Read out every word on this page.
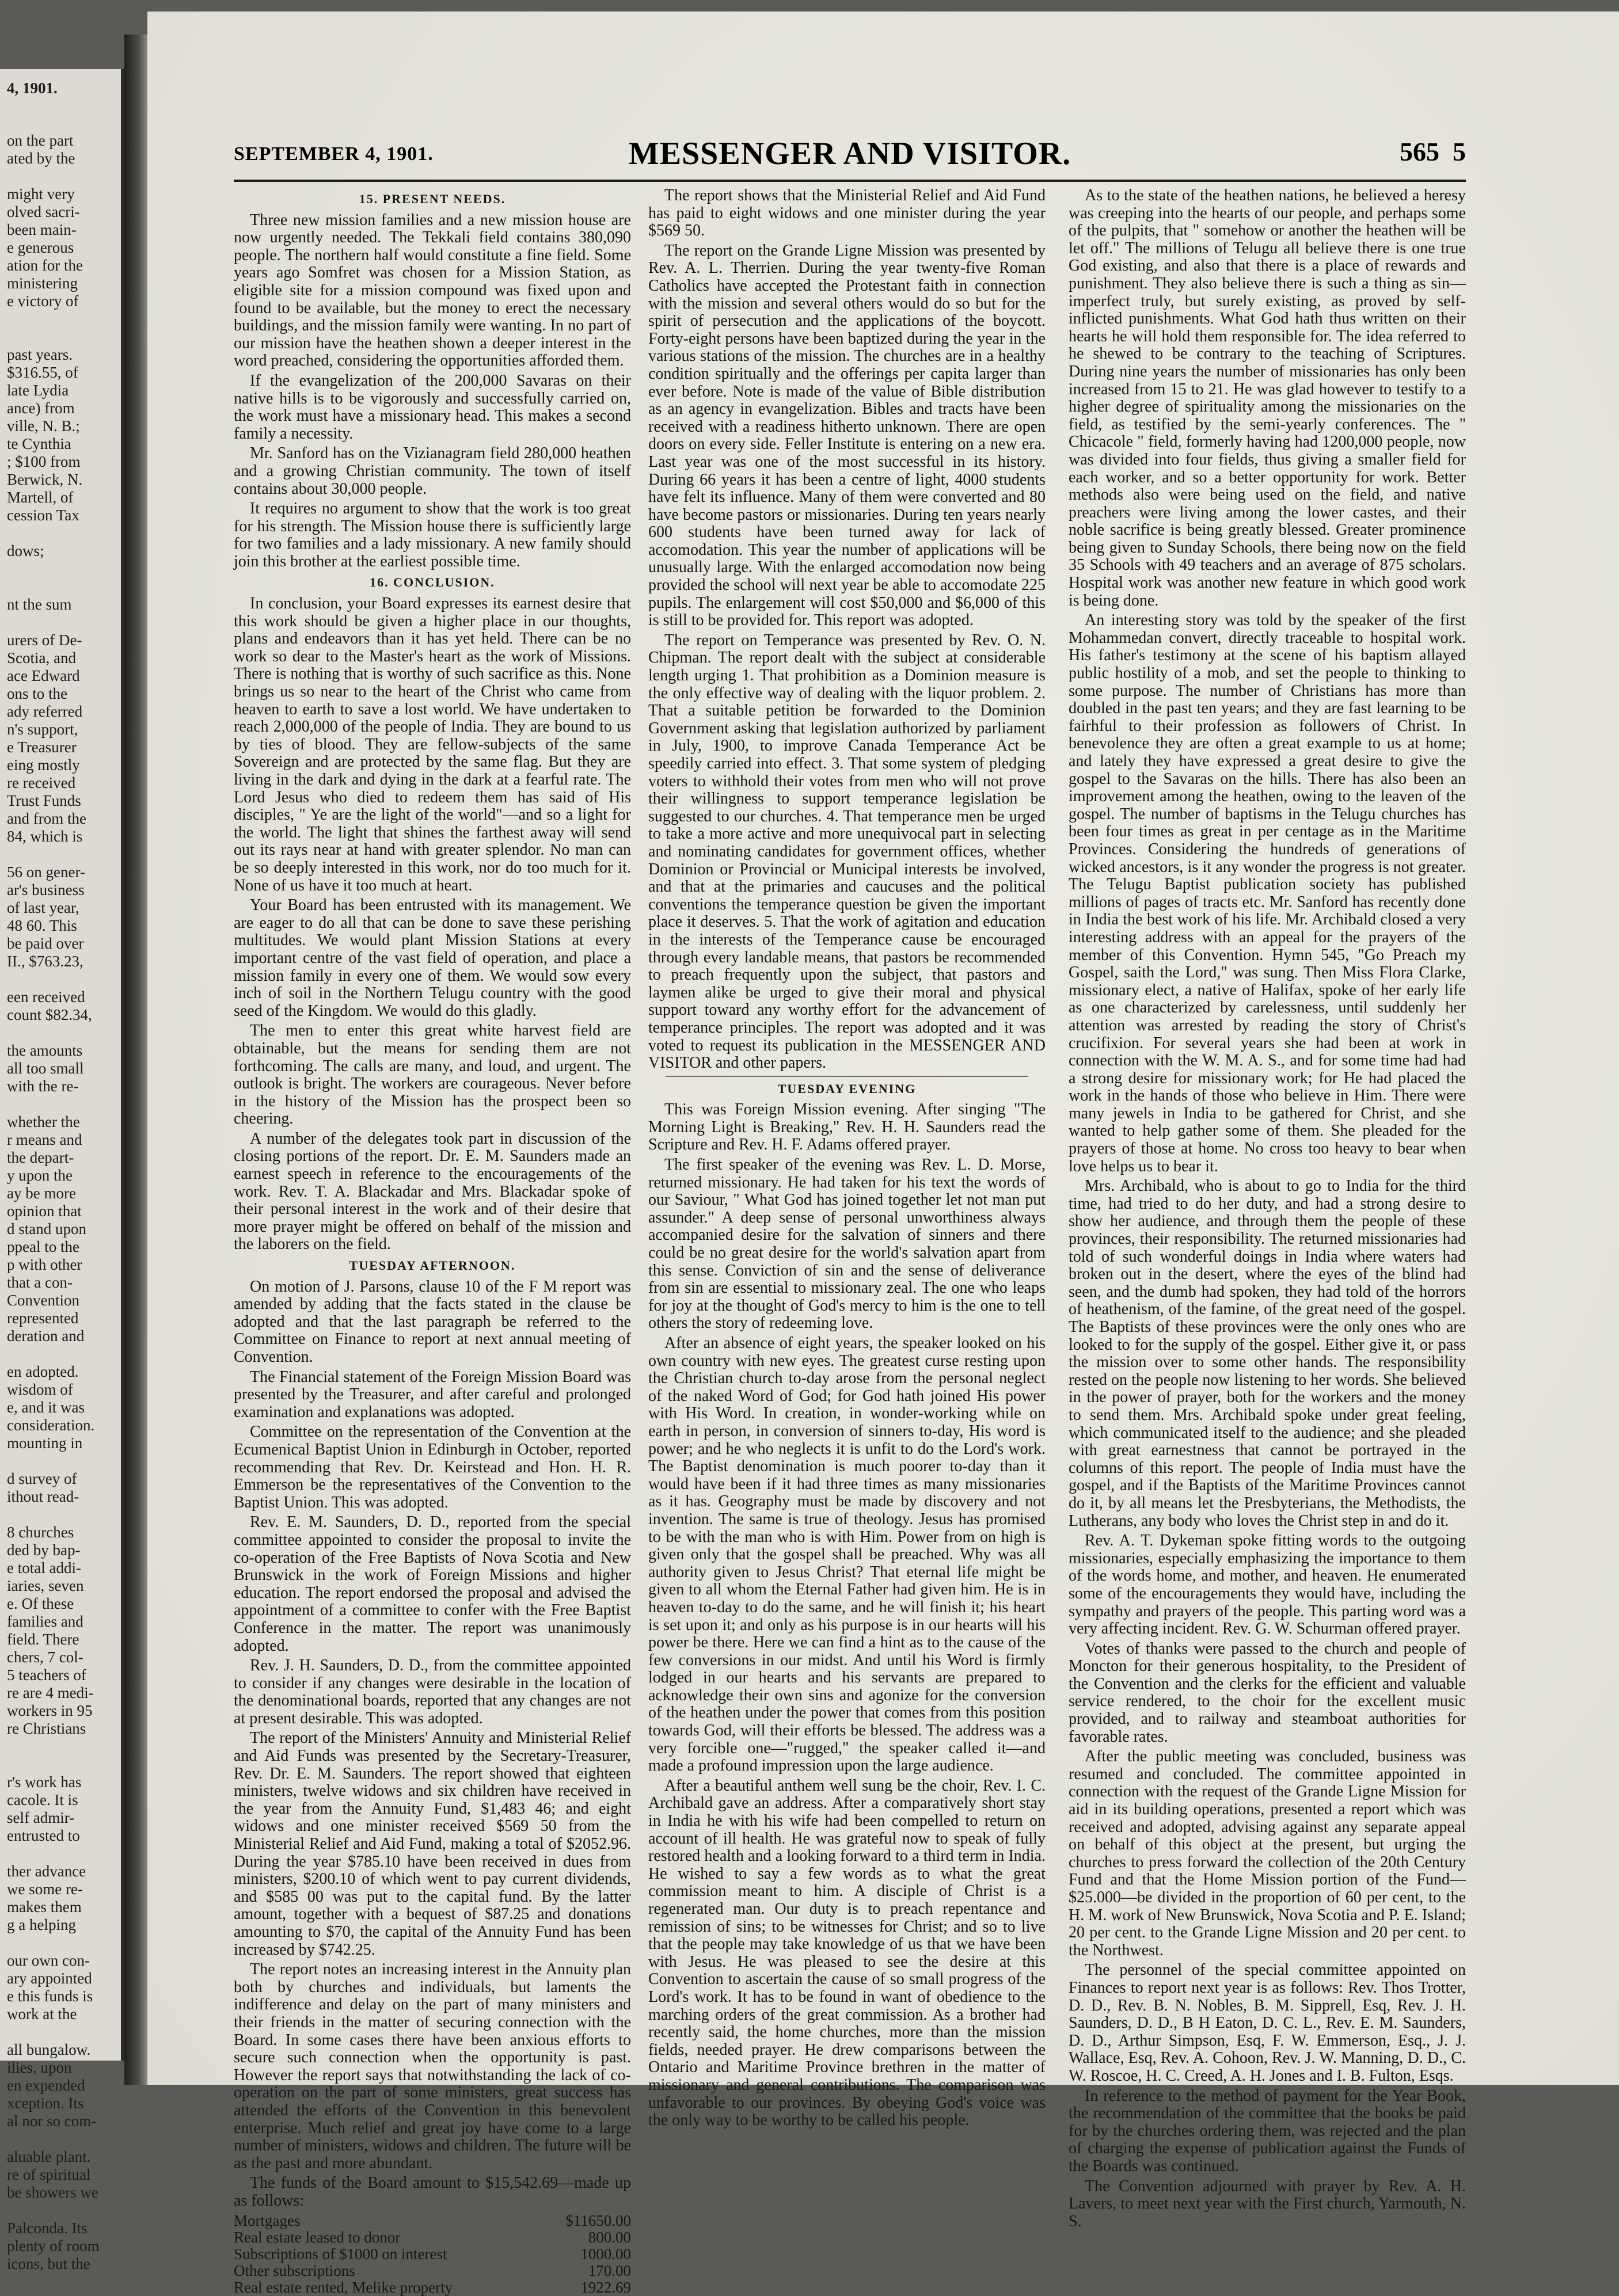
4, 1901.
on the part
ated by the

might very
olved sacri-
been main-
e generous
ation for the
ministering
e victory of

past years.
$316.55, of
late Lydia
ance) from
ville, N. B.;
te Cynthia
; $100 from
Berwick, N.
Martell, of
cession Tax

dows;

nt the sum

urers of De-
Scotia, and
ace Edward
ons to the
ady referred
n's support,
e Treasurer
eing mostly
re received
Trust Funds
and from the
84, which is

56 on gener-
ar's business
of last year,
48 60. This
be paid over
II., $763.23,

een received
count $82.34,

the amounts
all too small
with the re-

whether the
r means and
the depart-
y upon the
ay be more
opinion that
d stand upon
ppeal to the
p with other
that a con-
Convention
represented
deration and

en adopted.
wisdom of
e, and it was
consideration.
mounting in

d survey of
ithout read-

8 churches
ded by bap-
e total addi-
iaries, seven
e. Of these
families and
field. There
chers, 7 col-
5 teachers of
re are 4 medi-
workers in 95
re Christians

r's work has
cacole. It is
self admir-
entrusted to

ther advance
we some re-
makes them
g a helping

our own con-
ary appointed
e this funds is
work at the

all bungalow.
ilies, upon
en expended
xception. Its
al nor so com-

aluable plant.
re of spiritual
be showers we

Palconda. Its
plenty of room
icons, but the
SEPTEMBER 4, 1901.	MESSENGER AND VISITOR.	565 5
15. PRESENT NEEDS.

Three new mission families and a new mission house are now urgently needed. The Tekkali field contains 380,090 people. The northern half would constitute a fine field. Some years ago Somfret was chosen for a Mission Station, as eligible site for a mission compound was fixed upon and found to be available, but the money to erect the necessary buildings, and the mission family were wanting. In no part of our mission have the heathen shown a deeper interest in the word preached, considering the opportunities afforded them.

If the evangelization of the 200,000 Savaras on their native hills is to be vigorously and successfully carried on, the work must have a missionary head. This makes a second family a necessity.

Mr. Sanford has on the Vizianagram field 280,000 heathen and a growing Christian community. The town of itself contains about 30,000 people.

It requires no argument to show that the work is too great for his strength. The Mission house there is sufficiently large for two families and a lady missionary. A new family should join this brother at the earliest possible time.

16. CONCLUSION.

In conclusion, your Board expresses its earnest desire that this work should be given a higher place in our thoughts, plans and endeavors than it has yet held. There can be no work so dear to the Master's heart as the work of Missions. There is nothing that is worthy of such sacrifice as this. None brings us so near to the heart of the Christ who came from heaven to earth to save a lost world. We have undertaken to reach 2,000,000 of the people of India. They are bound to us by ties of blood. They are fellow-subjects of the same Sovereign and are protected by the same flag. But they are living in the dark and dying in the dark at a fearful rate. The Lord Jesus who died to redeem them has said of His disciples, " Ye are the light of the world"—and so a light for the world. The light that shines the farthest away will send out its rays near at hand with greater splendor. No man can be so deeply interested in this work, nor do too much for it. None of us have it too much at heart.

Your Board has been entrusted with its management. We are eager to do all that can be done to save these perishing multitudes. We would plant Mission Stations at every important centre of the vast field of operation, and place a mission family in every one of them. We would sow every inch of soil in the Northern Telugu country with the good seed of the Kingdom. We would do this gladly.

The men to enter this great white harvest field are obtainable, but the means for sending them are not forthcoming. The calls are many, and loud, and urgent. The outlook is bright. The workers are courageous. Never before in the history of the Mission has the prospect been so cheering.

A number of the delegates took part in discussion of the closing portions of the report. Dr. E. M. Saunders made an earnest speech in reference to the encouragements of the work. Rev. T. A. Blackadar and Mrs. Blackadar spoke of their personal interest in the work and of their desire that more prayer might be offered on behalf of the mission and the laborers on the field.

TUESDAY AFTERNOON.

On motion of J. Parsons, clause 10 of the F M report was amended by adding that the facts stated in the clause be adopted and that the last paragraph be referred to the Committee on Finance to report at next annual meeting of Convention.

The Financial statement of the Foreign Mission Board was presented by the Treasurer, and after careful and prolonged examination and explanations was adopted.

Committee on the representation of the Convention at the Ecumenical Baptist Union in Edinburgh in October, reported recommending that Rev. Dr. Keirstead and Hon. H. R. Emmerson be the representatives of the Convention to the Baptist Union. This was adopted.

Rev. E. M. Saunders, D. D., reported from the special committee appointed to consider the proposal to invite the co-operation of the Free Baptists of Nova Scotia and New Brunswick in the work of Foreign Missions and higher education. The report endorsed the proposal and advised the appointment of a committee to confer with the Free Baptist Conference in the matter. The report was unanimously adopted.

Rev. J. H. Saunders, D. D., from the committee appointed to consider if any changes were desirable in the location of the denominational boards, reported that any changes are not at present desirable. This was adopted.

The report of the Ministers' Annuity and Ministerial Relief and Aid Funds was presented by the Secretary-Treasurer, Rev. Dr. E. M. Saunders. The report showed that eighteen ministers, twelve widows and six children have received in the year from the Annuity Fund, $1,483 46; and eight widows and one minister received $569 50 from the Ministerial Relief and Aid Fund, making a total of $2052.96. During the year $785.10 have been received in dues from ministers, $200.10 of which went to pay current dividends, and $585 00 was put to the capital fund. By the latter amount, together with a bequest of $87.25 and donations amounting to $70, the capital of the Annuity Fund has been increased by $742.25.

The report notes an increasing interest in the Annuity plan both by churches and individuals, but laments the indifference and delay on the part of many ministers and their friends in the matter of securing connection with the Board. In some cases there have been anxious efforts to secure such connection when the opportunity is past. However the report says that notwithstanding the lack of co-operation on the part of some ministers, great success has attended the efforts of the Convention in this benevolent enterprise. Much relief and great joy have come to a large number of ministers, widows and children. The future will be as the past and more abundant.

The funds of the Board amount to $15,542.69—made up as follows:

Mortgages	$11650.00
Real estate leased to donor	800.00
Subscriptions of $1000 on interest	1000.00
Other subscriptions	170.00
Real estate rented, Melike property	1922.69

The report shows that the Ministerial Relief and Aid Fund has paid to eight widows and one minister during the year $569 50.

The report on the Grande Ligne Mission was presented by Rev. A. L. Therrien. During the year twenty-five Roman Catholics have accepted the Protestant faith in connection with the mission and several others would do so but for the spirit of persecution and the applications of the boycott. Forty-eight persons have been baptized during the year in the various stations of the mission. The churches are in a healthy condition spiritually and the offerings per capita larger than ever before. Note is made of the value of Bible distribution as an agency in evangelization. Bibles and tracts have been received with a readiness hitherto unknown. There are open doors on every side. Feller Institute is entering on a new era. Last year was one of the most successful in its history. During 66 years it has been a centre of light, 4000 students have felt its influence. Many of them were converted and 80 have become pastors or missionaries. During ten years nearly 600 students have been turned away for lack of accomodation. This year the number of applications will be unusually large. With the enlarged accomodation now being provided the school will next year be able to accomodate 225 pupils. The enlargement will cost $50,000 and $6,000 of this is still to be provided for. This report was adopted.

The report on Temperance was presented by Rev. O. N. Chipman. The report dealt with the subject at considerable length urging 1. That prohibition as a Dominion measure is the only effective way of dealing with the liquor problem. 2. That a suitable petition be forwarded to the Dominion Government asking that legislation authorized by parliament in July, 1900, to improve Canada Temperance Act be speedily carried into effect. 3. That some system of pledging voters to withhold their votes from men who will not prove their willingness to support temperance legislation be suggested to our churches. 4. That temperance men be urged to take a more active and more unequivocal part in selecting and nominating candidates for government offices, whether Dominion or Provincial or Municipal interests be involved, and that at the primaries and caucuses and the political conventions the temperance question be given the important place it deserves. 5. That the work of agitation and education in the interests of the Temperance cause be encouraged through every landable means, that pastors be recommended to preach frequently upon the subject, that pastors and laymen alike be urged to give their moral and physical support toward any worthy effort for the advancement of temperance principles. The report was adopted and it was voted to request its publication in the MESSENGER AND VISITOR and other papers.

TUESDAY EVENING

This was Foreign Mission evening. After singing "The Morning Light is Breaking," Rev. H. H. Saunders read the Scripture and Rev. H. F. Adams offered prayer.

The first speaker of the evening was Rev. L. D. Morse, returned missionary. He had taken for his text the words of our Saviour, " What God has joined together let not man put assunder." A deep sense of personal unworthiness always accompanied desire for the salvation of sinners and there could be no great desire for the world's salvation apart from this sense. Conviction of sin and the sense of deliverance from sin are essential to missionary zeal. The one who leaps for joy at the thought of God's mercy to him is the one to tell others the story of redeeming love.

After an absence of eight years, the speaker looked on his own country with new eyes. The greatest curse resting upon the Christian church to-day arose from the personal neglect of the naked Word of God; for God hath joined His power with His Word. In creation, in wonder-working while on earth in person, in conversion of sinners to-day, His word is power; and he who neglects it is unfit to do the Lord's work. The Baptist denomination is much poorer to-day than it would have been if it had three times as many missionaries as it has. Geography must be made by discovery and not invention. The same is true of theology. Jesus has promised to be with the man who is with Him. Power from on high is given only that the gospel shall be preached. Why was all authority given to Jesus Christ? That eternal life might be given to all whom the Eternal Father had given him. He is in heaven to-day to do the same, and he will finish it; his heart is set upon it; and only as his purpose is in our hearts will his power be there. Here we can find a hint as to the cause of the few conversions in our midst. And until his Word is firmly lodged in our hearts and his servants are prepared to acknowledge their own sins and agonize for the conversion of the heathen under the power that comes from this position towards God, will their efforts be blessed. The address was a very forcible one—"rugged," the speaker called it—and made a profound impression upon the large audience.

After a beautiful anthem well sung be the choir, Rev. I. C. Archibald gave an address. After a comparatively short stay in India he with his wife had been compelled to return on account of ill health. He was grateful now to speak of fully restored health and a looking forward to a third term in India. He wished to say a few words as to what the great commission meant to him. A disciple of Christ is a regenerated man. Our duty is to preach repentance and remission of sins; to be witnesses for Christ; and so to live that the people may take knowledge of us that we have been with Jesus. He was pleased to see the desire at this Convention to ascertain the cause of so small progress of the Lord's work. It has to be found in want of obedience to the marching orders of the great commission. As a brother had recently said, the home churches, more than the mission fields, needed prayer. He drew comparisons between the Ontario and Maritime Province brethren in the matter of missionary and general contributions. The comparison was unfavorable to our provinces. By obeying God's voice was the only way to be worthy to be called his people.

As to the state of the heathen nations, he believed a heresy was creeping into the hearts of our people, and perhaps some of the pulpits, that " somehow or another the heathen will be let off." The millions of Telugu all believe there is one true God existing, and also that there is a place of rewards and punishment. They also believe there is such a thing as sin—imperfect truly, but surely existing, as proved by self-inflicted punishments. What God hath thus written on their hearts he will hold them responsible for. The idea referred to he shewed to be contrary to the teaching of Scriptures. During nine years the number of missionaries has only been increased from 15 to 21. He was glad however to testify to a higher degree of spirituality among the missionaries on the field, as testified by the semi-yearly conferences. The " Chicacole " field, formerly having had 1200,000 people, now was divided into four fields, thus giving a smaller field for each worker, and so a better opportunity for work. Better methods also were being used on the field, and native preachers were living among the lower castes, and their noble sacrifice is being greatly blessed. Greater prominence being given to Sunday Schools, there being now on the field 35 Schools with 49 teachers and an average of 875 scholars. Hospital work was another new feature in which good work is being done.

An interesting story was told by the speaker of the first Mohammedan convert, directly traceable to hospital work. His father's testimony at the scene of his baptism allayed public hostility of a mob, and set the people to thinking to some purpose. The number of Christians has more than doubled in the past ten years; and they are fast learning to be fairhful to their profession as followers of Christ. In benevolence they are often a great example to us at home; and lately they have expressed a great desire to give the gospel to the Savaras on the hills. There has also been an improvement among the heathen, owing to the leaven of the gospel. The number of baptisms in the Telugu churches has been four times as great in per centage as in the Maritime Provinces. Considering the hundreds of generations of wicked ancestors, is it any wonder the progress is not greater. The Telugu Baptist publication society has published millions of pages of tracts etc. Mr. Sanford has recently done in India the best work of his life. Mr. Archibald closed a very interesting address with an appeal for the prayers of the member of this Convention. Hymn 545, "Go Preach my Gospel, saith the Lord," was sung. Then Miss Flora Clarke, missionary elect, a native of Halifax, spoke of her early life as one characterized by carelessness, until suddenly her attention was arrested by reading the story of Christ's crucifixion. For several years she had been at work in connection with the W. M. A. S., and for some time had had a strong desire for missionary work; for He had placed the work in the hands of those who believe in Him. There were many jewels in India to be gathered for Christ, and she wanted to help gather some of them. She pleaded for the prayers of those at home. No cross too heavy to bear when love helps us to bear it.

Mrs. Archibald, who is about to go to India for the third time, had tried to do her duty, and had a strong desire to show her audience, and through them the people of these provinces, their responsibility. The returned missionaries had told of such wonderful doings in India where waters had broken out in the desert, where the eyes of the blind had seen, and the dumb had spoken, they had told of the horrors of heathenism, of the famine, of the great need of the gospel. The Baptists of these provinces were the only ones who are looked to for the supply of the gospel. Either give it, or pass the mission over to some other hands. The responsibility rested on the people now listening to her words. She believed in the power of prayer, both for the workers and the money to send them. Mrs. Archibald spoke under great feeling, which communicated itself to the audience; and she pleaded with great earnestness that cannot be portrayed in the columns of this report. The people of India must have the gospel, and if the Baptists of the Maritime Provinces cannot do it, by all means let the Presbyterians, the Methodists, the Lutherans, any body who loves the Christ step in and do it.

Rev. A. T. Dykeman spoke fitting words to the outgoing missionaries, especially emphasizing the importance to them of the words home, and mother, and heaven. He enumerated some of the encouragements they would have, including the sympathy and prayers of the people. This parting word was a very affecting incident. Rev. G. W. Schurman offered prayer.

Votes of thanks were passed to the church and people of Moncton for their generous hospitality, to the President of the Convention and the clerks for the efficient and valuable service rendered, to the choir for the excellent music provided, and to railway and steamboat authorities for favorable rates.

After the public meeting was concluded, business was resumed and concluded. The committee appointed in connection with the request of the Grande Ligne Mission for aid in its building operations, presented a report which was received and adopted, advising against any separate appeal on behalf of this object at the present, but urging the churches to press forward the collection of the 20th Century Fund and that the Home Mission portion of the Fund—$25.000—be divided in the proportion of 60 per cent, to the H. M. work of New Brunswick, Nova Scotia and P. E. Island; 20 per cent. to the Grande Ligne Mission and 20 per cent. to the Northwest.

The personnel of the special committee appointed on Finances to report next year is as follows: Rev. Thos Trotter, D. D., Rev. B. N. Nobles, B. M. Sipprell, Esq, Rev. J. H. Saunders, D. D., B H Eaton, D. C. L., Rev. E. M. Saunders, D. D., Arthur Simpson, Esq, F. W. Emmerson, Esq., J. J. Wallace, Esq, Rev. A. Cohoon, Rev. J. W. Manning, D. D., C. W. Roscoe, H. C. Creed, A. H. Jones and I. B. Fulton, Esqs.

In reference to the method of payment for the Year Book, the recommendation of the committee that the books be paid for by the churches ordering them, was rejected and the plan of charging the expense of publication against the Funds of the Boards was continued.

The Convention adjourned with prayer by Rev. A. H. Lavers, to meet next year with the First church, Yarmouth, N. S.
